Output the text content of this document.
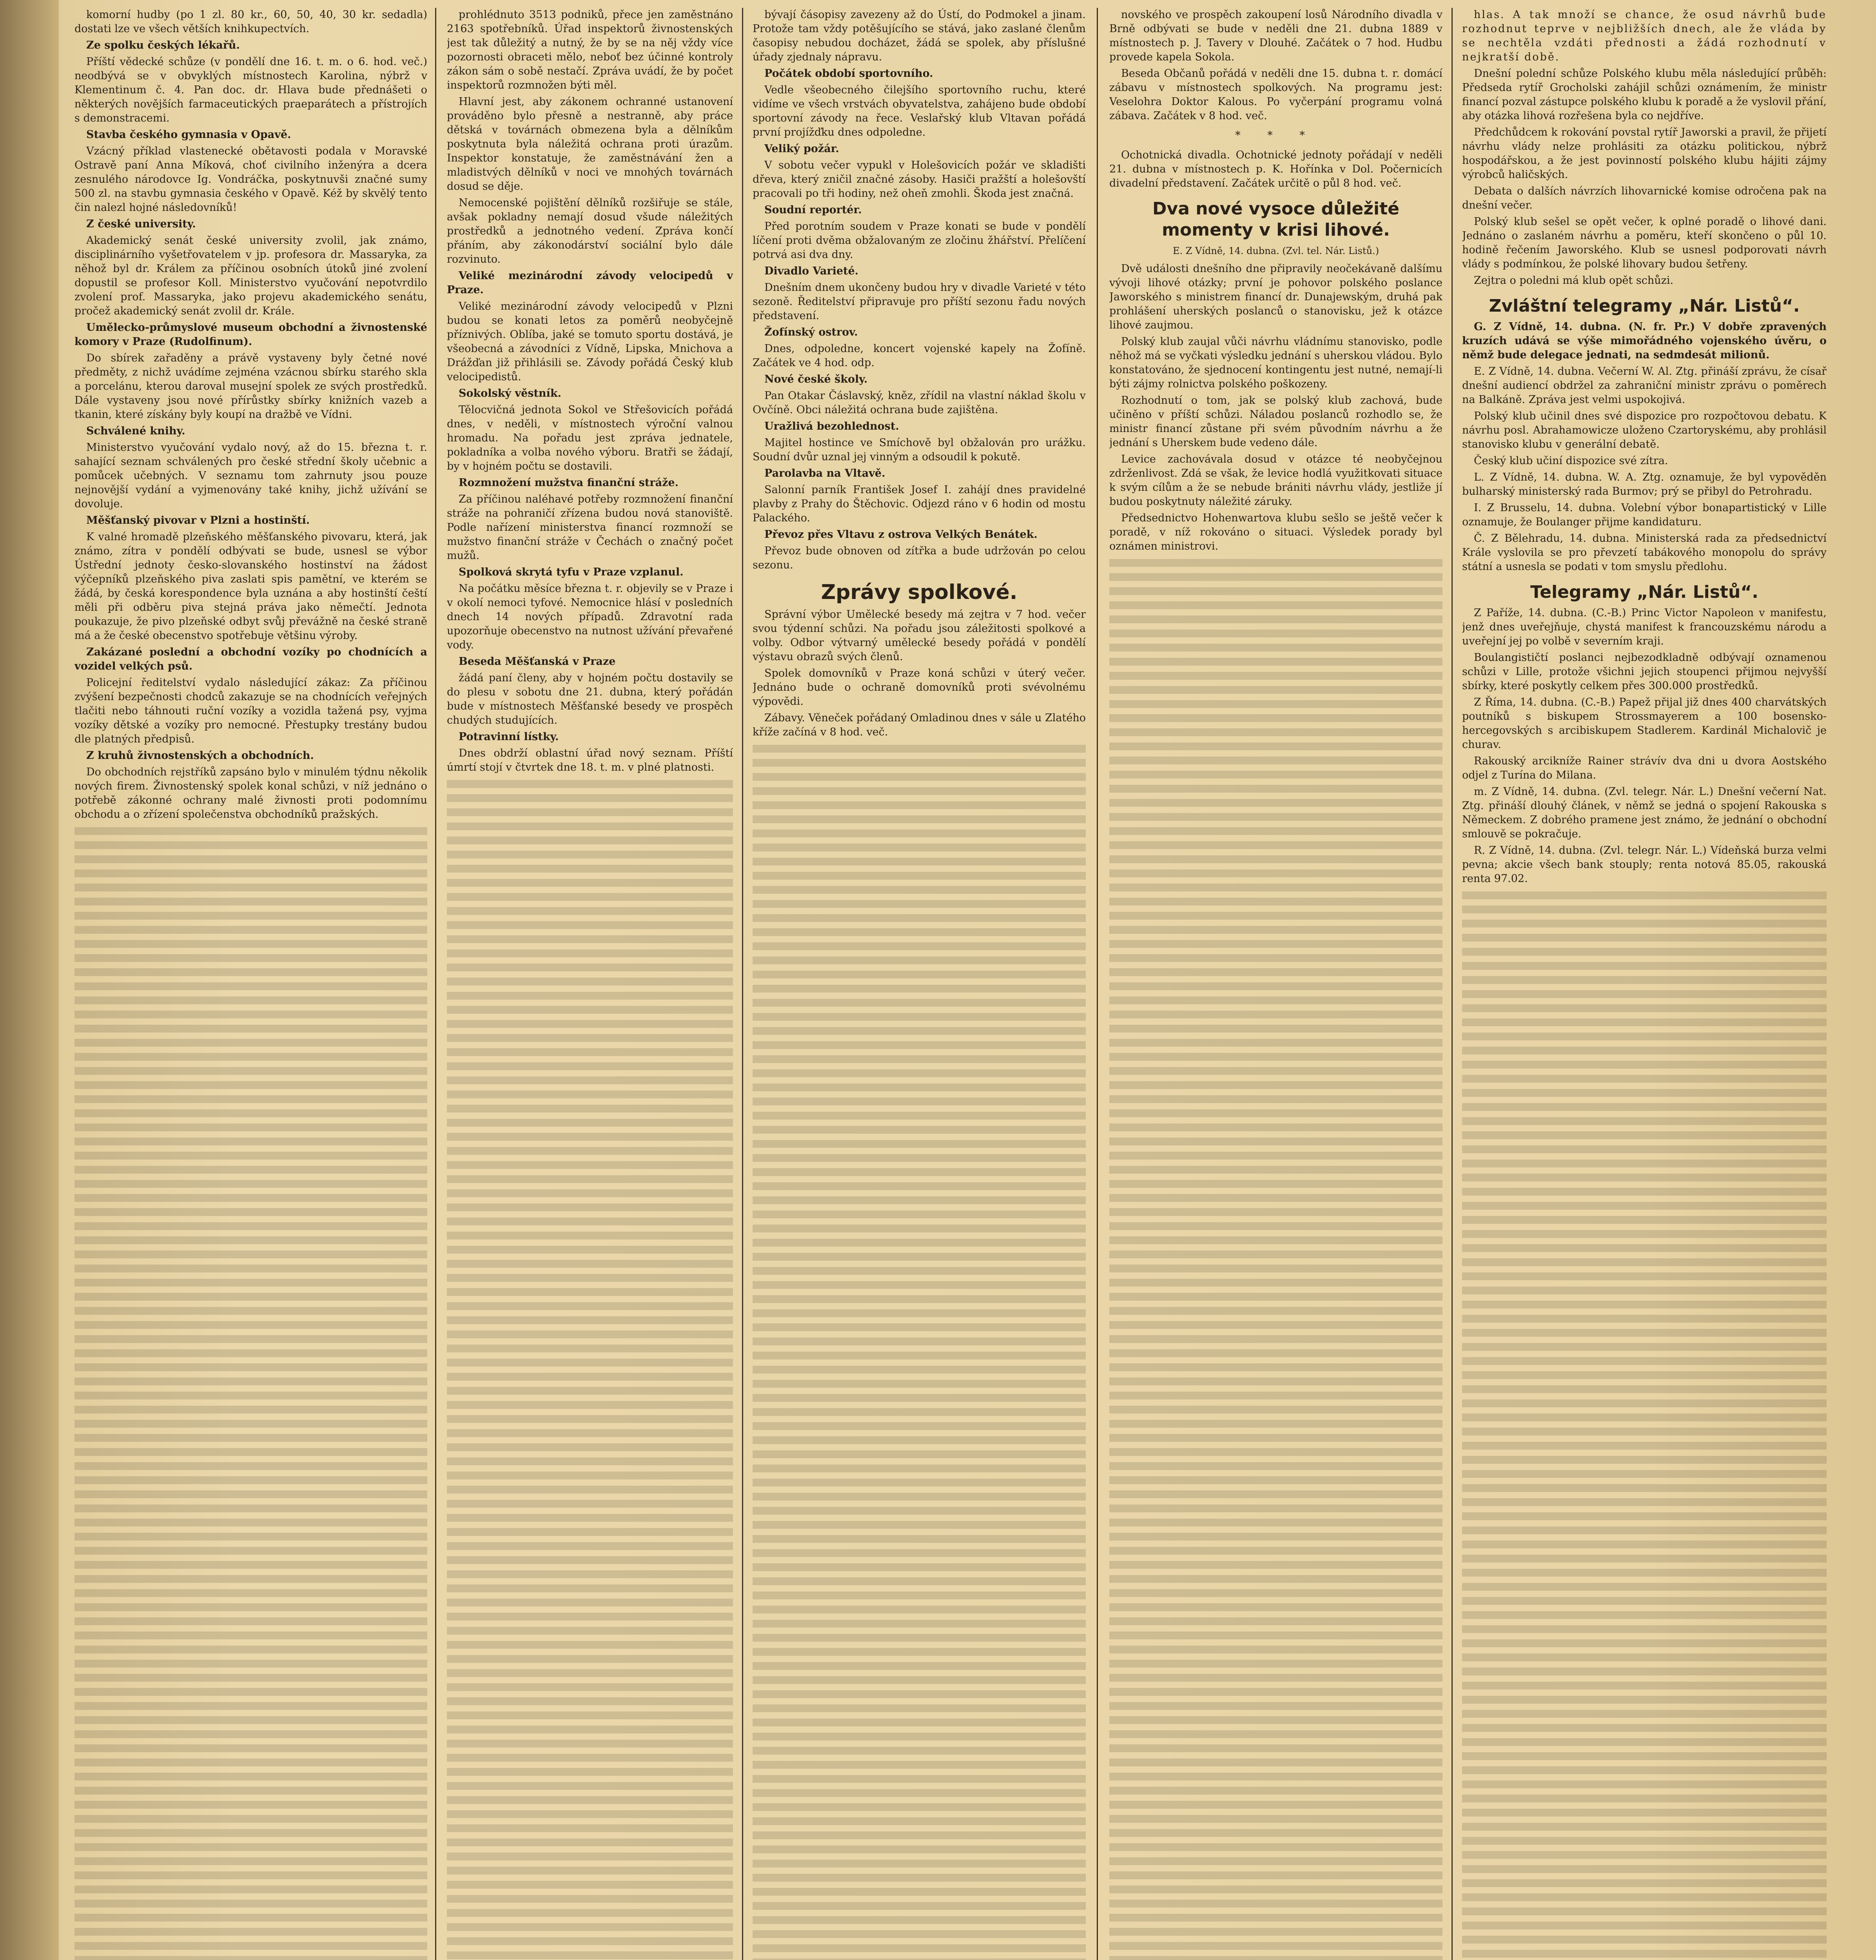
komorní hudby (po 1 zl. 80 kr., 60, 50, 40, 30 kr. sedadla) dostati lze ve všech větších knihkupectvích.

Ze spolku českých lékařů.

Příští vědecké schůze (v pondělí dne 16. t. m. o 6. hod. več.) neodbývá se v obvyklých místnostech Karolina, nýbrž v Klementinum č. 4. Pan doc. dr. Hlava bude přednášeti o některých novějších farmaceutických praeparátech a přístrojích s demonstracemi.

Stavba českého gymnasia v Opavě.

Vzácný příklad vlastenecké obětavosti podala v Moravské Ostravě paní Anna Míková, choť civilního inženýra a dcera zesnulého národovce Ig. Vondráčka, poskytnuvši značné sumy 500 zl. na stavbu gymnasia českého v Opavě. Kéž by skvělý tento čin nalezl hojné následovníků!

Z české university.

Akademický senát české university zvolil, jak známo, disciplinárního vyšetřovatelem v jp. profesora dr. Massaryka, za něhož byl dr. Králem za příčinou osobních útoků jiné zvolení dopustil se profesor Koll. Ministerstvo vyučování nepotvrdilo zvolení prof. Massaryka, jako projevu akademického senátu, pročež akademický senát zvolil dr. Krále.

Umělecko-průmyslové museum obchodní a živnostenské komory v Praze (Rudolfinum).

Do sbírek zařaděny a právě vystaveny byly četné nové předměty, z nichž uvádíme zejména vzácnou sbírku starého skla a porcelánu, kterou daroval musejní spolek ze svých prostředků. Dále vystaveny jsou nové přírůstky sbírky knižních vazeb a tkanin, které získány byly koupí na dražbě ve Vídni.

Schválené knihy.

Ministerstvo vyučování vydalo nový, až do 15. března t. r. sahající seznam schválených pro české střední školy učebnic a pomůcek učebných. V seznamu tom zahrnuty jsou pouze nejnovější vydání a vyjmenovány také knihy, jichž užívání se dovoluje.

Měšťanský pivovar v Plzni a hostinští.

K valné hromadě plzeňského měšťanského pivovaru, která, jak známo, zítra v pondělí odbývati se bude, usnesl se výbor Ústřední jednoty česko-slovanského hostinství na žádost výčepníků plzeňského piva zaslati spis pamětní, ve kterém se žádá, by česká korespondence byla uznána a aby hostinští čeští měli při odběru piva stejná práva jako němečtí. Jednota poukazuje, že pivo plzeňské odbyt svůj převážně na české straně má a že české obecenstvo spotřebuje většinu výroby.

Zakázané poslední a obchodní vozíky po chodnících a vozidel velkých psů.

Policejní ředitelství vydalo následující zákaz: Za příčinou zvýšení bezpečnosti chodců zakazuje se na chodnících veřejných tlačiti nebo táhnouti ruční vozíky a vozidla tažená psy, vyjma vozíky dětské a vozíky pro nemocné. Přestupky trestány budou dle platných předpisů.

Z kruhů živnostenských a obchodních.

Do obchodních rejstříků zapsáno bylo v minulém týdnu několik nových firem. Živnostenský spolek konal schůzi, v níž jednáno o potřebě zákonné ochrany malé živnosti proti podomnímu obchodu a o zřízení společenstva obchodníků pražských.

prohlédnuto 3513 podniků, přece jen zaměstnáno 2163 spotřebníků. Úřad inspektorů živnostenských jest tak důležitý a nutný, že by se na něj vždy více pozornosti obraceti mělo, neboť bez účinné kontroly zákon sám o sobě nestačí. Zpráva uvádí, že by počet inspektorů rozmnožen býti měl.

Hlavní jest, aby zákonem ochranné ustanovení prováděno bylo přesně a nestranně, aby práce dětská v továrnách obmezena byla a dělníkům poskytnuta byla náležitá ochrana proti úrazům. Inspektor konstatuje, že zaměstnávání žen a mladistvých dělníků v noci ve mnohých továrnách dosud se děje.

Nemocenské pojištění dělníků rozšiřuje se stále, avšak pokladny nemají dosud všude náležitých prostředků a jednotného vedení. Zpráva končí přáním, aby zákonodárství sociální bylo dále rozvinuto.

Veliké mezinárodní závody velocipedů v Praze.

Veliké mezinárodní závody velocipedů v Plzni budou se konati letos za poměrů neobyčejně příznivých. Oblíba, jaké se tomuto sportu dostává, je všeobecná a závodníci z Vídně, Lipska, Mnichova a Drážďan již přihlásili se. Závody pořádá Český klub velocipedistů.

Sokolský věstník.

Tělocvičná jednota Sokol ve Střešovicích pořádá dnes, v neděli, v místnostech výroční valnou hromadu. Na pořadu jest zpráva jednatele, pokladníka a volba nového výboru. Bratři se žádají, by v hojném počtu se dostavili.

Rozmnožení mužstva finanční stráže.

Za příčinou naléhavé potřeby rozmnožení finanční stráže na pohraničí zřízena budou nová stanoviště. Podle nařízení ministerstva financí rozmnoží se mužstvo finanční stráže v Čechách o značný počet mužů.

Spolková skrytá tyfu v Praze vzplanul.

Na počátku měsíce března t. r. objevily se v Praze i v okolí nemoci tyfové. Nemocnice hlásí v posledních dnech 14 nových případů. Zdravotní rada upozorňuje obecenstvo na nutnost užívání převařené vody.

Beseda Měšťanská v Praze

žádá paní členy, aby v hojném počtu dostavily se do plesu v sobotu dne 21. dubna, který pořádán bude v místnostech Měšťanské besedy ve prospěch chudých studujících.

Potravinní lístky.

Dnes obdrží oblastní úřad nový seznam. Příští úmrtí stojí v čtvrtek dne 18. t. m. v plné platnosti.

bývají čásopisy zavezeny až do Ústí, do Podmokel a jinam. Protože tam vždy potěšujícího se stává, jako zaslané členům časopisy nebudou docházet, žádá se spolek, aby příslušné úřady zjednaly nápravu.

Počátek období sportovního.

Vedle všeobecného čilejšího sportovního ruchu, které vidíme ve všech vrstvách obyvatelstva, zahájeno bude období sportovní závody na řece. Veslařský klub Vltavan pořádá první projížďku dnes odpoledne.

Veliký požár.

V sobotu večer vypukl v Holešovicích požár ve skladišti dřeva, který zničil značné zásoby. Hasiči pražští a holešovští pracovali po tři hodiny, než oheň zmohli. Škoda jest značná.

Soudní reportér.

Před porotním soudem v Praze konati se bude v pondělí líčení proti dvěma obžalovaným ze zločinu žhářství. Přelíčení potrvá asi dva dny.

Divadlo Varieté.

Dnešním dnem ukončeny budou hry v divadle Varieté v této sezoně. Ředitelství připravuje pro příští sezonu řadu nových představení.

Žofínský ostrov.

Dnes, odpoledne, koncert vojenské kapely na Žofíně. Začátek ve 4 hod. odp.

Nové české školy.

Pan Otakar Čáslavský, kněz, zřídil na vlastní náklad školu v Ovčíně. Obci náležitá ochrana bude zajištěna.

Uražlivá bezohlednost.

Majitel hostince ve Smíchově byl obžalován pro urážku. Soudní dvůr uznal jej vinným a odsoudil k pokutě.

Parolavba na Vltavě.

Salonní parník František Josef I. zahájí dnes pravidelné plavby z Prahy do Štěchovic. Odjezd ráno v 6 hodin od mostu Palackého.

Převoz přes Vltavu z ostrova Velkých Benátek.

Převoz bude obnoven od zítřka a bude udržován po celou sezonu.

Zprávy spolkové.

Správní výbor Umělecké besedy má zejtra v 7 hod. večer svou týdenní schůzi. Na pořadu jsou záležitosti spolkové a volby. Odbor výtvarný umělecké besedy pořádá v pondělí výstavu obrazů svých členů.

Spolek domovníků v Praze koná schůzi v úterý večer. Jednáno bude o ochraně domovníků proti svévolnému výpovědi.

Zábavy. Věneček pořádaný Omladinou dnes v sále u Zlatého kříže začíná v 8 hod. več.

novského ve prospěch zakoupení losů Národního divadla v Brně odbývati se bude v neděli dne 21. dubna 1889 v místnostech p. J. Tavery v Dlouhé. Začátek o 7 hod. Hudbu provede kapela Sokola.

Beseda Občanů pořádá v neděli dne 15. dubna t. r. domácí zábavu v místnostech spolkových. Na programu jest: Veselohra Doktor Kalous. Po vyčerpání programu volná zábava. Začátek v 8 hod. več.

* * *

Ochotnická divadla. Ochotnické jednoty pořádají v neděli 21. dubna v místnostech p. K. Hořínka v Dol. Počernicích divadelní představení. Začátek určitě o půl 8 hod. več.

Dva nové vysoce důležité momenty v krisi lihové.

E. Z Vídně, 14. dubna. (Zvl. tel. Nár. Listů.)

Dvě události dnešního dne připravily neočekávaně dalšímu vývoji lihové otázky; první je pohovor polského poslance Jaworského s ministrem financí dr. Dunajewským, druhá pak prohlášení uherských poslanců o stanovisku, jež k otázce lihové zaujmou.

Polský klub zaujal vůči návrhu vládnímu stanovisko, podle něhož má se vyčkati výsledku jednání s uherskou vládou. Bylo konstatováno, že sjednocení kontingentu jest nutné, nemají-li býti zájmy rolnictva polského poškozeny.

Rozhodnutí o tom, jak se polský klub zachová, bude učiněno v příští schůzi. Náladou poslanců rozhodlo se, že ministr financí zůstane při svém původním návrhu a že jednání s Uherskem bude vedeno dále.

Levice zachovávala dosud v otázce té neobyčejnou zdrženlivost. Zdá se však, že levice hodlá využitkovati situace k svým cílům a že se nebude brániti návrhu vlády, jestliže jí budou poskytnuty náležité záruky.

Předsednictvo Hohenwartova klubu sešlo se ještě večer k poradě, v níž rokováno o situaci. Výsledek porady byl oznámen ministrovi.

hlas. A tak množí se chance, že osud návrhů bude rozhodnut teprve v nejbližších dnech, ale že vláda by se nechtěla vzdáti přednosti a žádá rozhodnutí v nejkratší době.

Dnešní polední schůze Polského klubu měla následující průběh: Předseda rytíř Grocholski zahájil schůzi oznámením, že ministr financí pozval zástupce polského klubu k poradě a že vyslovil přání, aby otázka lihová rozřešena byla co nejdříve.

Předchůdcem k rokování povstal rytíř Jaworski a pravil, že přijetí návrhu vlády nelze prohlásiti za otázku politickou, nýbrž hospodářskou, a že jest povinností polského klubu hájiti zájmy výrobců haličských.

Debata o dalších návrzích lihovarnické komise odročena pak na dnešní večer.

Polský klub sešel se opět večer, k oplné poradě o lihové dani. Jednáno o zaslaném návrhu a poměru, kteří skončeno o půl 10. hodině řečením Jaworského. Klub se usnesl podporovati návrh vlády s podmínkou, že polské lihovary budou šetřeny.

Zejtra o poledni má klub opět schůzi.

Zvláštní telegramy „Nár. Listů“.

G. Z Vídně, 14. dubna. (N. fr. Pr.) V dobře zpravených kruzích udává se výše mimořádného vojenského úvěru, o němž bude delegace jednati, na sedmdesát milionů.

E. Z Vídně, 14. dubna. Večerní W. Al. Ztg. přináší zprávu, že císař dnešní audiencí obdržel za zahraniční ministr zprávu o poměrech na Balkáně. Zpráva jest velmi uspokojivá.

Polský klub učinil dnes své dispozice pro rozpočtovou debatu. K návrhu posl. Abrahamowicze uloženo Czartoryskému, aby prohlásil stanovisko klubu v generální debatě.

Český klub učiní dispozice své zítra.

L. Z Vídně, 14. dubna. W. A. Ztg. oznamuje, že byl vypověděn bulharský ministerský rada Burmov; prý se přibyl do Petrohradu.

I. Z Brusselu, 14. dubna. Volební výbor bonapartistický v Lille oznamuje, že Boulanger přijme kandidaturu.

Č. Z Bělehradu, 14. dubna. Ministerská rada za předsednictví Krále vyslovila se pro převzetí tabákového monopolu do správy státní a usnesla se podati v tom smyslu předlohu.

Telegramy „Nár. Listů“.

Z Paříže, 14. dubna. (C.-B.) Princ Victor Napoleon v manifestu, jenž dnes uveřejňuje, chystá manifest k francouzskému národu a uveřejní jej po volbě v severním kraji.

Boulangističtí poslanci nejbezodkladně odbývají oznamenou schůzi v Lille, protože všichni jejich stoupenci přijmou nejvyšší sbírky, které poskytly celkem přes 300.000 prostředků.

Z Říma, 14. dubna. (C.-B.) Papež přijal již dnes 400 charvátských poutníků s biskupem Strossmayerem a 100 bosensko-hercegovských s arcibiskupem Stadlerem. Kardinál Michalovič je churav.

Rakouský arcikníže Rainer strávív dva dni u dvora Aostského odjel z Turína do Milana.

m. Z Vídně, 14. dubna. (Zvl. telegr. Nár. L.) Dnešní večerní Nat. Ztg. přináší dlouhý článek, v němž se jedná o spojení Rakouska s Německem. Z dobrého pramene jest známo, že jednání o obchodní smlouvě se pokračuje.

R. Z Vídně, 14. dubna. (Zvl. telegr. Nár. L.) Vídeňská burza velmi pevna; akcie všech bank stouply; renta notová 85.05, rakouská renta 97.02.
